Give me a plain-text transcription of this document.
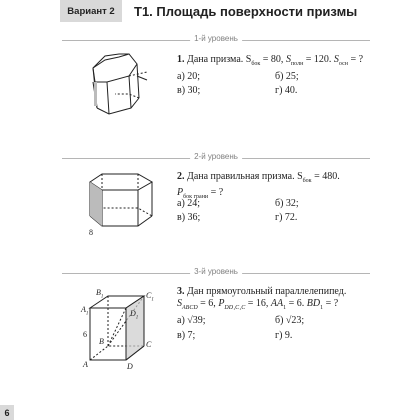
Вариант 2 Т1. Площадь поверхности призмы
1-й уровень
1. Дана призма. $S_{бок} = 80$, $S_{полн} = 120$. $S_{осн}$ = ?
а) 20;	б) 25;
в) 30;	г) 40.
2-й уровень
8
2. Дана правильная призма. $S_{бок} = 480$.
$P_{бок грани}$ = ?
а) 24;	б) 32;
в) 36;	г) 72.
3-й уровень
$B_1$	$C_1$
$A_1$	$D_1$
6
B	C
A	D
3. Дан прямоугольный параллелепипед.
$S_{ABCD} = 6$, $P_{DD_1C_1C} = 16$, $AA_1 = 6$. $BD_1$ = ?
а) √39;	б) √23;
в) 7;	г) 9.
6
